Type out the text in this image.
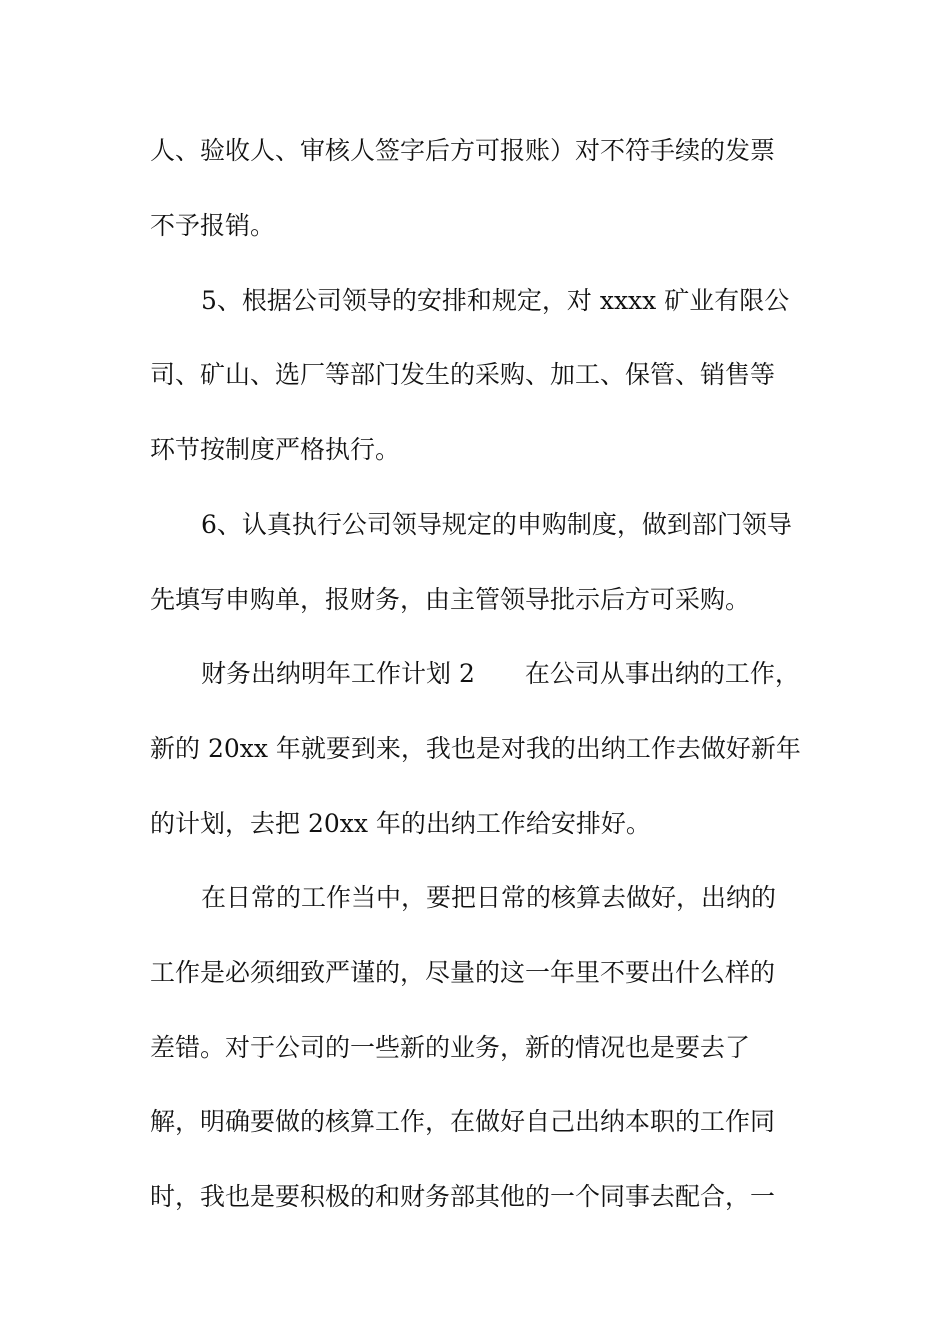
人、验收人、审核人签字后方可报账）对不符手续的发票
不予报销。
5、根据公司领导的安排和规定，对 xxxx 矿业有限公
司、矿山、选厂等部门发生的采购、加工、保管、销售等
环节按制度严格执行。
6、认真执行公司领导规定的申购制度，做到部门领导
先填写申购单，报财务，由主管领导批示后方可采购。
财务出纳明年工作计划 2　　在公司从事出纳的工作，
新的 20xx 年就要到来，我也是对我的出纳工作去做好新年
的计划，去把 20xx 年的出纳工作给安排好。
在日常的工作当中，要把日常的核算去做好，出纳的
工作是必须细致严谨的，尽量的这一年里不要出什么样的
差错。对于公司的一些新的业务，新的情况也是要去了
解，明确要做的核算工作，在做好自己出纳本职的工作同
时，我也是要积极的和财务部其他的一个同事去配合，一
